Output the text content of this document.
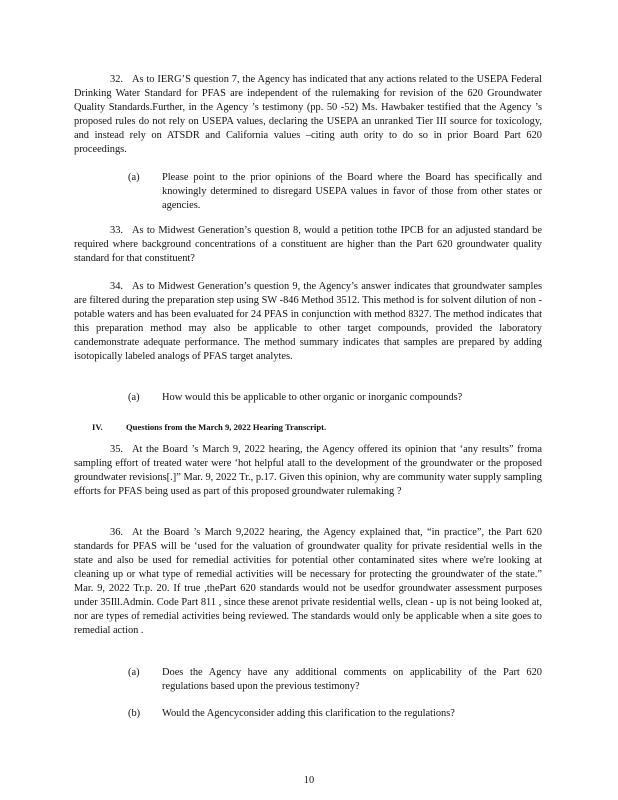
32. As to IERG’S question 7, the Agency has indicated that any actions related to the USEPA Federal Drinking Water Standard for PFAS are independent of the rulemaking for revision of the 620 Groundwater Quality Standards.Further, in the Agency ’s testimony (pp. 50 -52) Ms. Hawbaker testified that the Agency ’s proposed rules do not rely on USEPA values, declaring the USEPA an unranked Tier III source for toxicology, and instead rely on ATSDR and California values –citing auth ority to do so in prior Board Part 620 proceedings.

(a)	Please point to the prior opinions of the Board where the Board has specifically and knowingly determined to disregard USEPA values in favor of those from other states or agencies.

33. As to Midwest Generation’s question 8, would a petition tothe IPCB for an adjusted standard be required where background concentrations of a constituent are higher than the Part 620 groundwater quality standard for that constituent?

34. As to Midwest Generation’s question 9, the Agency’s answer indicates that groundwater samples are filtered during the preparation step using SW -846 Method 3512. This method is for solvent dilution of non -potable waters and has been evaluated for 24 PFAS in conjunction with method 8327. The method indicates that this preparation method may also be applicable to other target compounds, provided the laboratory candemonstrate adequate performance. The method summary indicates that samples are prepared by adding isotopically labeled analogs of PFAS target analytes.

(a)	How would this be applicable to other organic or inorganic compounds?

IV.	Questions from the March 9, 2022 Hearing Transcript.

35. At the Board ’s March 9, 2022 hearing, the Agency offered its opinion that ‘any results” froma sampling effort of treated water were ‘hot helpful atall to the development of the groundwater or the proposed groundwater revisions[.]” Mar. 9, 2022 Tr., p.17. Given this opinion, why are community water supply sampling efforts for PFAS being used as part of this proposed groundwater rulemaking ?

36. At the Board ’s March 9,2022 hearing, the Agency explained that, “in practice”, the Part 620 standards for PFAS will be ‘used for the valuation of groundwater quality for private residential wells in the state and also be used for remedial activities for potential other contaminated sites where we're looking at cleaning up or what type of remedial activities will be necessary for protecting the groundwater of the state.” Mar. 9, 2022 Tr.p. 20. If true ,thePart 620 standards would not be usedfor groundwater assessment purposes under 35Ill.Admin. Code Part 811 , since these arenot private residential wells, clean - up is not being looked at, nor are types of remedial activities being reviewed. The standards would only be applicable when a site goes to remedial action .

(a)	Does the Agency have any additional comments on applicability of the Part 620 regulations based upon the previous testimony?

(b)	Would the Agencyconsider adding this clarification to the regulations?

10
